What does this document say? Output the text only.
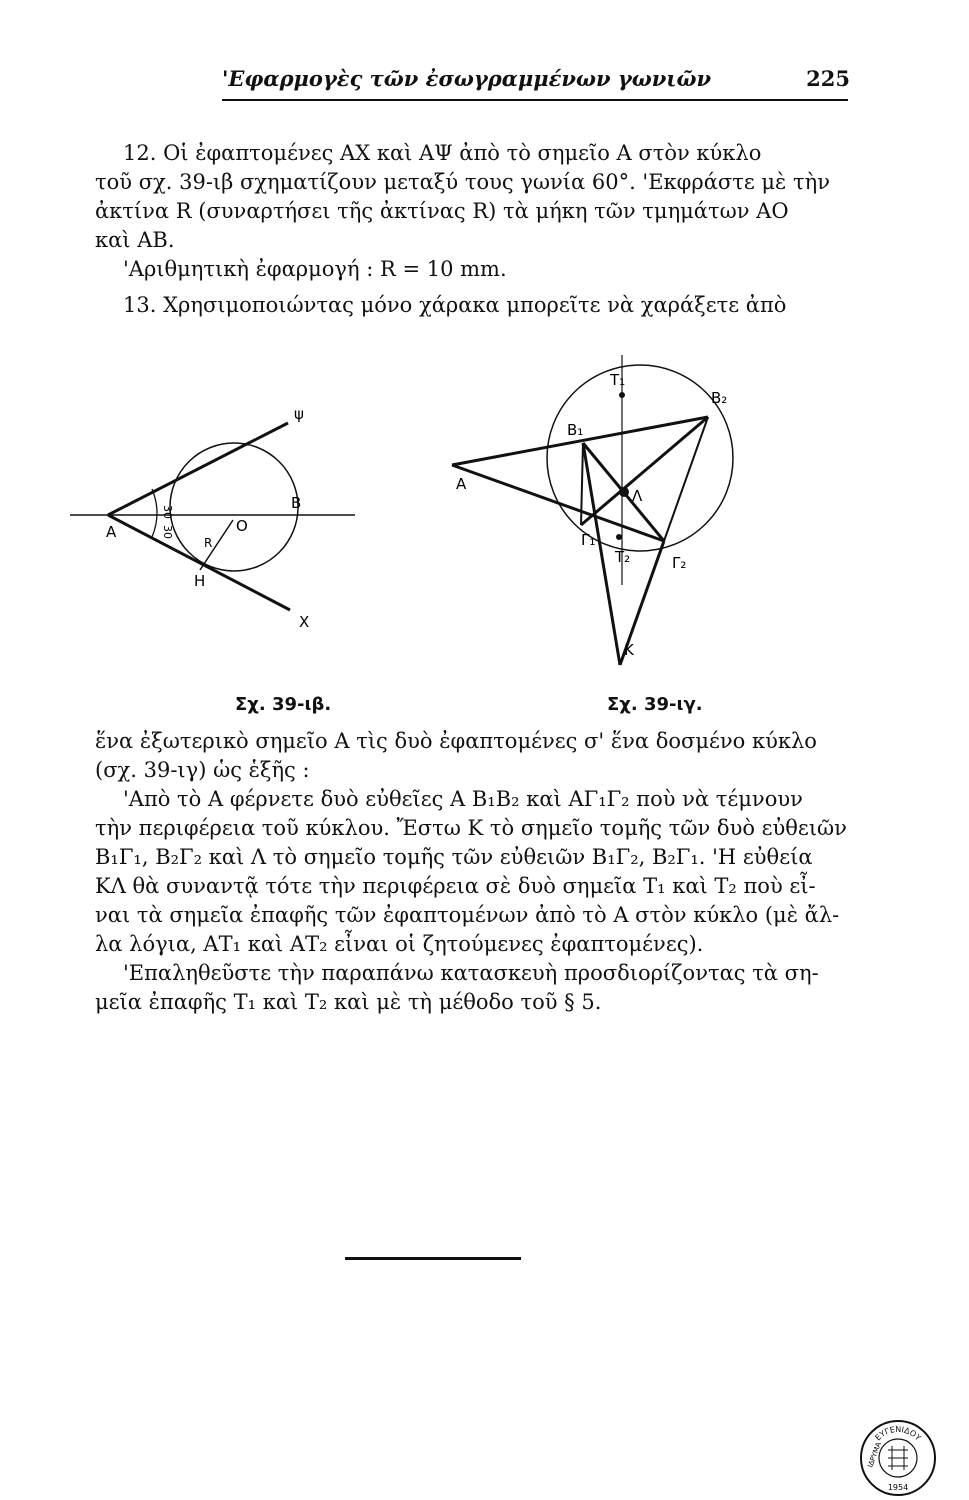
'Εφαρμογὲς τῶν ἐσωγραμμένων γωνιῶν	225
12. Οἱ ἐφαπτομένες ΑΧ καὶ ΑΨ ἀπὸ τὸ σημεῖο Α στὸν κύκλο
τοῦ σχ. 39-ιβ σχηματίζουν μεταξύ τους γωνία 60°. 'Εκφράστε μὲ τὴν
ἀκτίνα R (συναρτήσει τῆς ἀκτίνας R) τὰ μήκη τῶν τμημάτων ΑΟ
καὶ ΑΒ.
'Αριθμητικὴ ἐφαρμογή : R = 10 mm.
13. Χρησιμοποιώντας μόνο χάρακα μπορεῖτε νὰ χαράξετε ἀπὸ
ψ
Β
Α	Ο
R
Η
Χ
30
30
Σχ. 39-ιβ.
Τ₁
Β₂
Β₁
Α
Λ
Γ₁
Τ₂	Γ₂
Κ
Σχ. 39-ιγ.
ἕνα ἐξωτερικὸ σημεῖο Α τὶς δυὸ ἐφαπτομένες σ' ἕνα δοσμένο κύκλο
(σχ. 39-ιγ) ὡς ἑξῆς :
'Απὸ τὸ Α φέρνετε δυὸ εὐθεῖες Α Β₁Β₂ καὶ ΑΓ₁Γ₂ ποὺ νὰ τέμνουν
τὴν περιφέρεια τοῦ κύκλου. Ἔστω Κ τὸ σημεῖο τομῆς τῶν δυὸ εὐθειῶν
Β₁Γ₁, Β₂Γ₂ καὶ Λ τὸ σημεῖο τομῆς τῶν εὐθειῶν Β₁Γ₂, Β₂Γ₁. 'Η εὐθεία
ΚΛ θὰ συναντᾷ τότε τὴν περιφέρεια σὲ δυὸ σημεῖα Τ₁ καὶ Τ₂ ποὺ εἶ-
ναι τὰ σημεῖα ἐπαφῆς τῶν ἐφαπτομένων ἀπὸ τὸ Α στὸν κύκλο (μὲ ἄλ-
λα λόγια, ΑΤ₁ καὶ ΑΤ₂ εἶναι οἱ ζητούμενες ἐφαπτομένες).
'Επαληθεῦστε τὴν παραπάνω κατασκευὴ προσδιορίζοντας τὰ ση-
μεῖα ἐπαφῆς Τ₁ καὶ Τ₂ καὶ μὲ τὴ μέθοδο τοῦ § 5.
ΕΥΓΕΝΙΔΟΥ
ΙΔΡΥΜΑ
1954
